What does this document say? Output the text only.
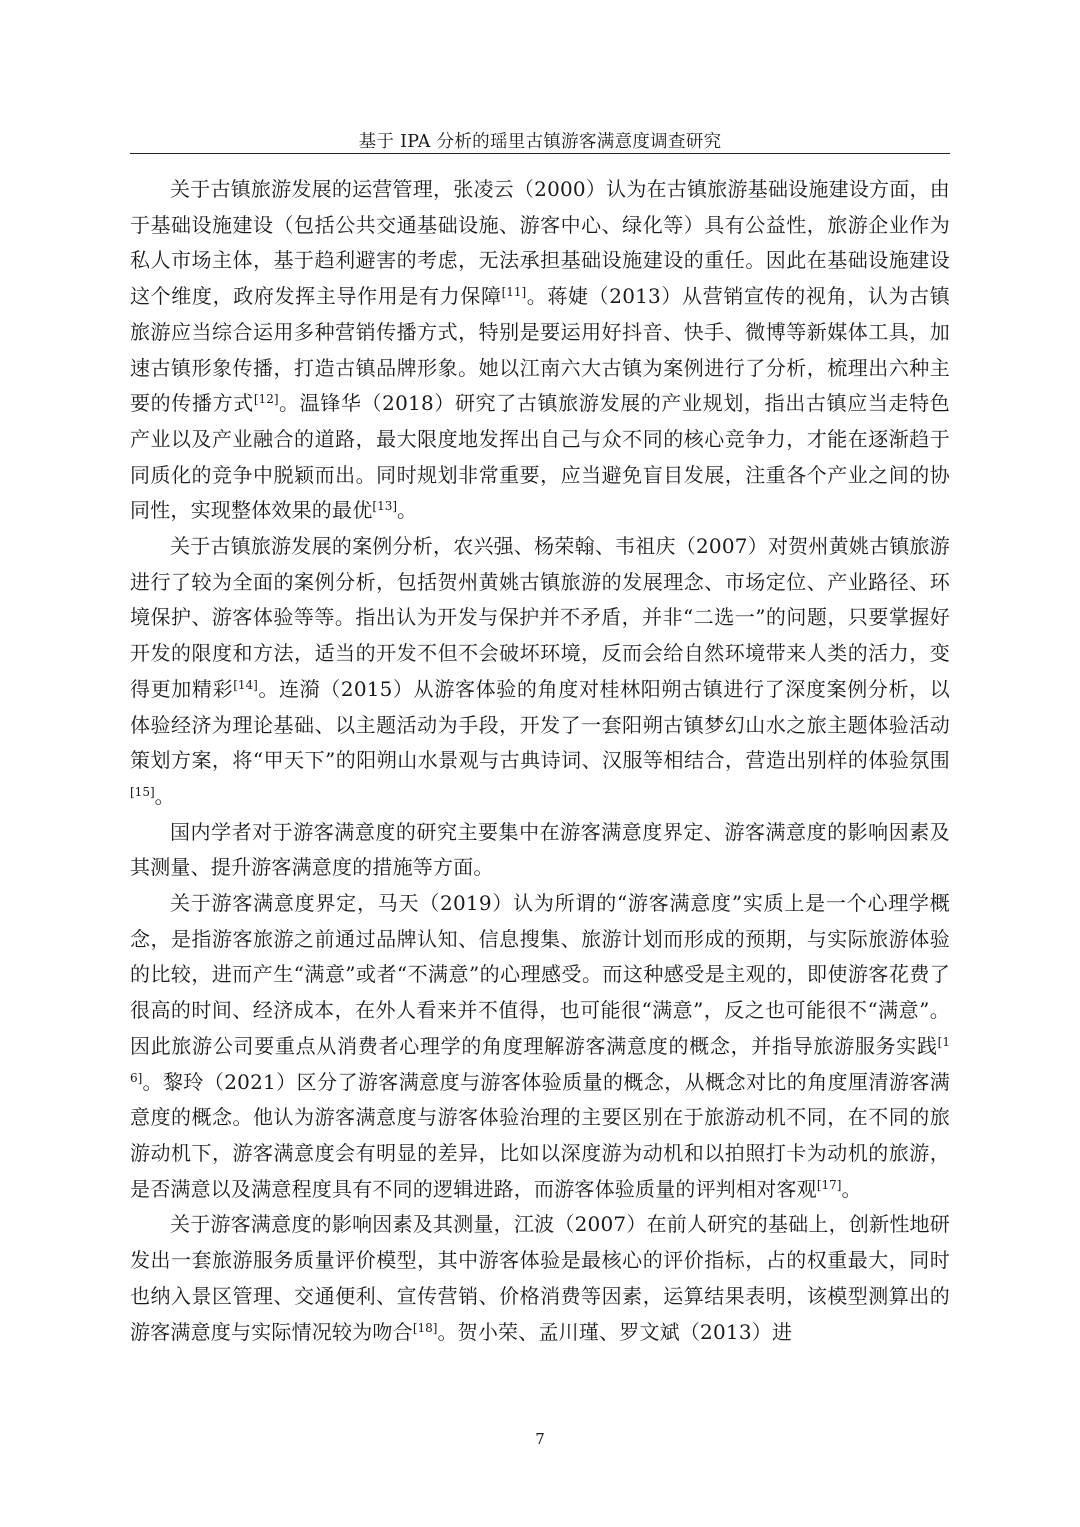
基于 IPA 分析的瑶里古镇游客满意度调查研究

关于古镇旅游发展的运营管理，张凌云（2000）认为在古镇旅游基础设施建设方面，由于基础设施建设（包括公共交通基础设施、游客中心、绿化等）具有公益性，旅游企业作为私人市场主体，基于趋利避害的考虑，无法承担基础设施建设的重任。因此在基础设施建设这个维度，政府发挥主导作用是有力保障[11]。蒋婕（2013）从营销宣传的视角，认为古镇旅游应当综合运用多种营销传播方式，特别是要运用好抖音、快手、微博等新媒体工具，加速古镇形象传播，打造古镇品牌形象。她以江南六大古镇为案例进行了分析，梳理出六种主要的传播方式[12]。温锋华（2018）研究了古镇旅游发展的产业规划，指出古镇应当走特色产业以及产业融合的道路，最大限度地发挥出自己与众不同的核心竞争力，才能在逐渐趋于同质化的竞争中脱颖而出。同时规划非常重要，应当避免盲目发展，注重各个产业之间的协同性，实现整体效果的最优[13]。

关于古镇旅游发展的案例分析，农兴强、杨荣翰、韦祖庆（2007）对贺州黄姚古镇旅游进行了较为全面的案例分析，包括贺州黄姚古镇旅游的发展理念、市场定位、产业路径、环境保护、游客体验等等。指出认为开发与保护并不矛盾，并非“二选一”的问题，只要掌握好开发的限度和方法，适当的开发不但不会破坏环境，反而会给自然环境带来人类的活力，变得更加精彩[14]。连漪（2015）从游客体验的角度对桂林阳朔古镇进行了深度案例分析，以体验经济为理论基础、以主题活动为手段，开发了一套阳朔古镇梦幻山水之旅主题体验活动策划方案，将“甲天下”的阳朔山水景观与古典诗词、汉服等相结合，营造出别样的体验氛围[15]。

国内学者对于游客满意度的研究主要集中在游客满意度界定、游客满意度的影响因素及其测量、提升游客满意度的措施等方面。

关于游客满意度界定，马天（2019）认为所谓的“游客满意度”实质上是一个心理学概念，是指游客旅游之前通过品牌认知、信息搜集、旅游计划而形成的预期，与实际旅游体验的比较，进而产生“满意”或者“不满意”的心理感受。而这种感受是主观的，即使游客花费了很高的时间、经济成本，在外人看来并不值得，也可能很“满意”，反之也可能很不“满意”。因此旅游公司要重点从消费者心理学的角度理解游客满意度的概念，并指导旅游服务实践[16]。黎玲（2021）区分了游客满意度与游客体验质量的概念，从概念对比的角度厘清游客满意度的概念。他认为游客满意度与游客体验治理的主要区别在于旅游动机不同，在不同的旅游动机下，游客满意度会有明显的差异，比如以深度游为动机和以拍照打卡为动机的旅游，是否满意以及满意程度具有不同的逻辑进路，而游客体验质量的评判相对客观[17]。

关于游客满意度的影响因素及其测量，江波（2007）在前人研究的基础上，创新性地研发出一套旅游服务质量评价模型，其中游客体验是最核心的评价指标，占的权重最大，同时也纳入景区管理、交通便利、宣传营销、价格消费等因素，运算结果表明，该模型测算出的游客满意度与实际情况较为吻合[18]。贺小荣、孟川瑾、罗文斌（2013）进

7
